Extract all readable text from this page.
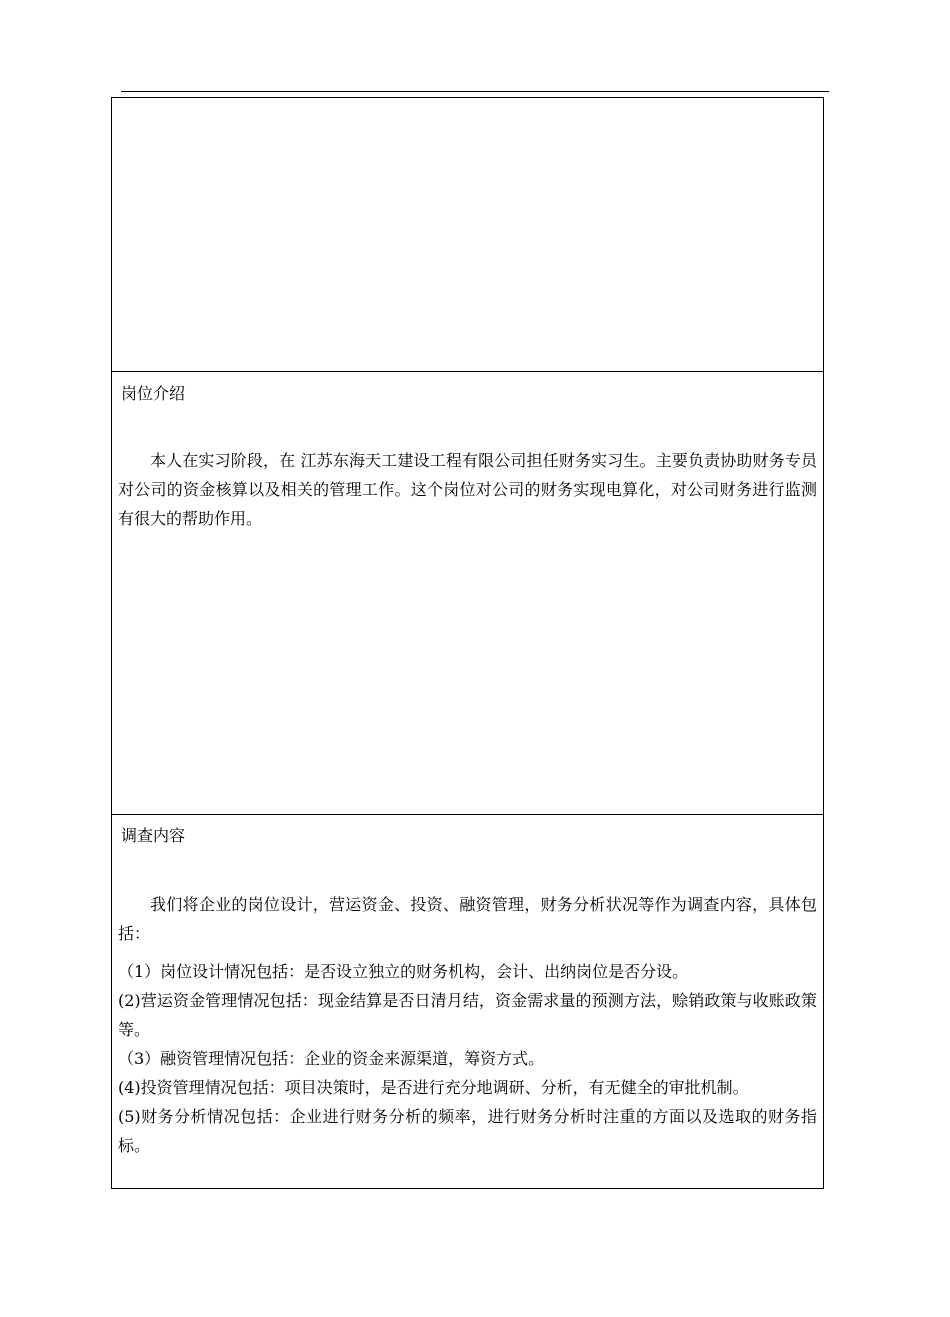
岗位介绍

本人在实习阶段，在 江苏东海天工建设工程有限公司担任财务实习生。主要负责协助财务专员对公司的资金核算以及相关的管理工作。这个岗位对公司的财务实现电算化，对公司财务进行监测有很大的帮助作用。

调查内容

我们将企业的岗位设计，营运资金、投资、融资管理，财务分析状况等作为调查内容，具体包括：

（1）岗位设计情况包括：是否设立独立的财务机构，会计、出纳岗位是否分设。
(2)营运资金管理情况包括：现金结算是否日清月结，资金需求量的预测方法，赊销政策与收账政策等。
（3）融资管理情况包括：企业的资金来源渠道，筹资方式。
(4)投资管理情况包括：项目决策时，是否进行充分地调研、分析，有无健全的审批机制。
(5)财务分析情况包括：企业进行财务分析的频率，进行财务分析时注重的方面以及选取的财务指标。
